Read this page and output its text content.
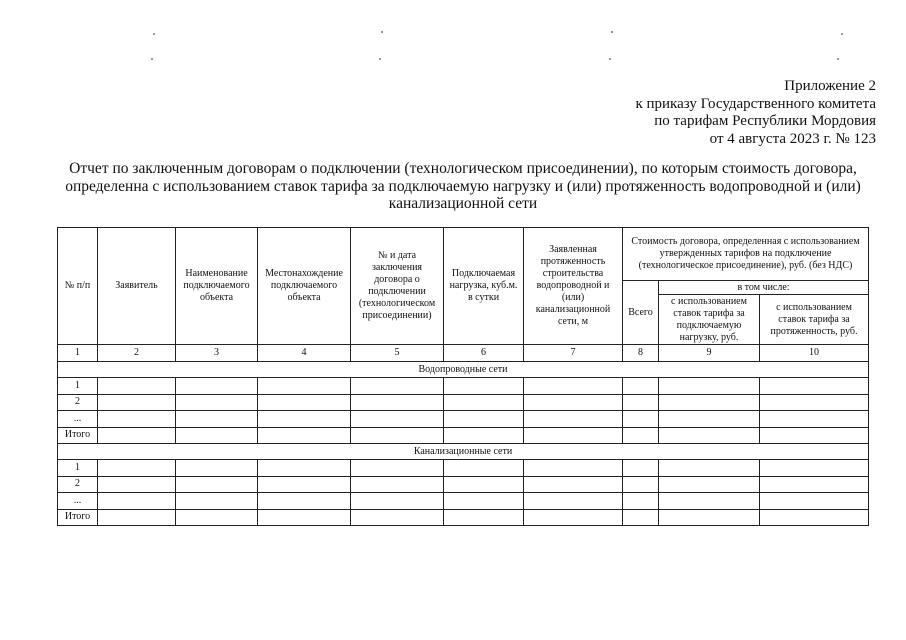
Приложение 2
к приказу Государственного комитета
по тарифам Республики Мордовия
от 4 августа 2023 г. № 123
Отчет по заключенным договорам о подключении (технологическом присоединении), по которым стоимость договора, определенна с использованием ставок тарифа за подключаемую нагрузку и (или) протяженность водопроводной и (или) канализационной сети
№ п/п	Заявитель	Наименование подключаемого объекта	Местонахождение подключаемого объекта	№ и дата заключения договора о подключении (технологическом присоединении)	Подключаемая нагрузка, куб.м. в сутки	Заявленная протяженность строительства водопроводной и (или) канализационной сети, м	Стоимость договора, определенная с использованием утвержденных тарифов на подключение (технологическое присоединение), руб. (без НДС)		
							Всего	в том числе:	
								с использованием ставок тарифа за подключаемую нагрузку, руб.	с использованием ставок тарифа за протяженность, руб.
1	2	3	4	5	6	7	8	9	10
Водопроводные сети									
1									
2									
...									
Итого									
Канализационные сети									
1									
2									
...									
Итого									
